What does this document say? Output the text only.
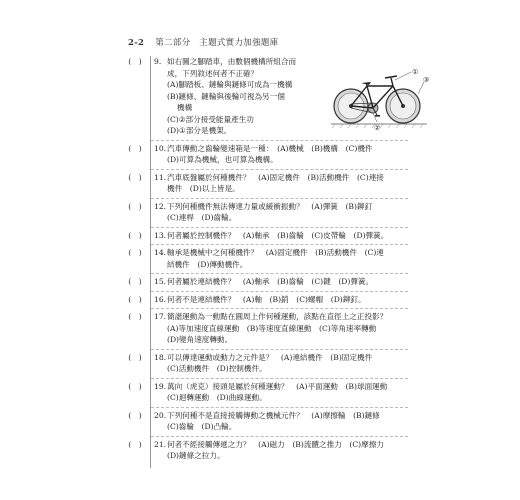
2-2 第二部分　主題式實力加強題庫
(　) 9. 如右圖之腳踏車，由數個機構所組合而
成，下列敘述何者不正確？
(A)腳踏板、鏈輪與鏈條可成為一機構
(B)鏈條、鏈輪與後輪可視為另一個
　 機構
(C)②部分接受能量產生功
(D)①部分是機架。
①
③
②
(　) 10.汽車傳動之齒輪變速箱是一種：　(A)機械　(B)機構　(C)機件
(D)可算為機械，也可算為機構。
(　) 11.汽車底盤屬於何種機件？　(A)固定機件　(B)活動機件　(C)連接
機件　(D)以上皆是。
(　) 12.下列何種機件無法傳達力量或緩衝振動？　(A)彈簧　(B)鉚釘
(C)連桿　(D)齒輪。
(　) 13.何者屬於控制機件？　(A)軸承　(B)齒輪　(C)皮帶輪　(D)彈簧。
(　) 14.軸承是機械中之何種機件？　(A)固定機件　(B)活動機件　(C)連
結機件　(D)傳動機件。
(　) 15.何者屬於連結機件？　(A)軸承　(B)齒輪　(C)鍵　(D)彈簧。
(　) 16.何者不是連結機件？　(A)軸　(B)銷　(C)螺帽　(D)鉚釘。
(　) 17.簡諧運動為一動點在圓周上作何種運動，該點在直徑上之正投影？
(A)等加速度直線運動　(B)等速度直線運動　(C)等角速率轉動
(D)變角速度轉動。
(　) 18.可以傳達運動或動力之元件是？　(A)連結機件　(B)固定機件
(C)活動機件　(D)控制機件。
(　) 19.萬向（虎克）接頭是屬於何種運動？　(A)平面運動　(B)球面運動
(C)迴轉運動　(D)曲線運動。
(　) 20.下列何種不是直接接觸傳動之機械元件？　(A)摩擦輪　(B)鏈條
(C)齒輪　(D)凸輪。
(　) 21.何者不經接觸傳遞之力？　(A)磁力　(B)流體之推力　(C)摩擦力
(D)鏈條之拉力。
